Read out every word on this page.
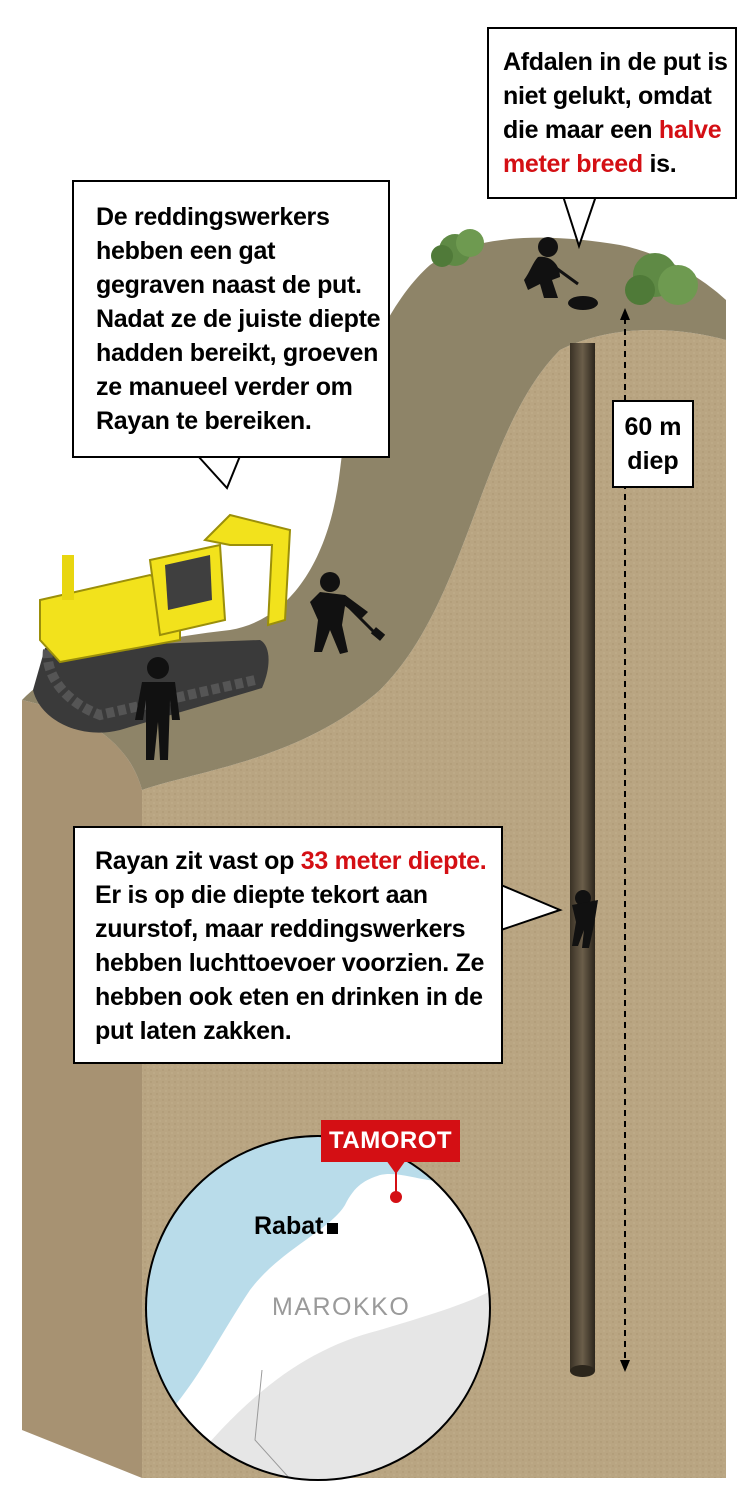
Afdalen in de put is
niet gelukt, omdat
die maar een halve
meter breed is.
De reddingswerkers
hebben een gat
gegraven naast de put.
Nadat ze de juiste diepte
hadden bereikt, groeven
ze manueel verder om
Rayan te bereiken.
Rayan zit vast op 33 meter diepte.
Er is op die diepte tekort aan
zuurstof, maar reddingswerkers
hebben luchttoevoer voorzien. Ze
hebben ook eten en drinken in de
put laten zakken.
60 m
diep
TAMOROT
Rabat
MAROKKO
